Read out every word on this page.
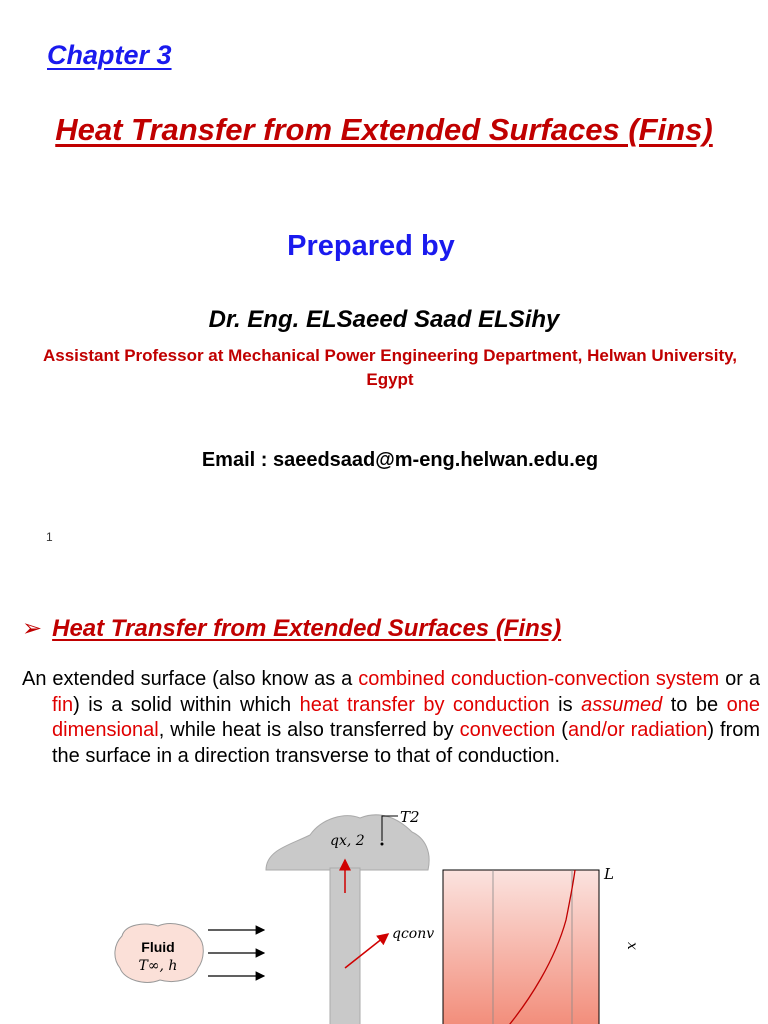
Chapter 3
Heat Transfer from Extended Surfaces (Fins)
Prepared by
Dr. Eng. ELSaeed Saad ELSihy
Assistant Professor at Mechanical Power Engineering Department, Helwan University, Egypt
Email : saeedsaad@m-eng.helwan.edu.eg
1
➢ Heat Transfer from Extended Surfaces (Fins)
An extended surface (also know as a combined conduction-convection system or a fin) is a solid within which heat transfer by conduction is assumed to be one dimensional, while heat is also transferred by convection (and/or radiation) from the surface in a direction transverse to that of conduction.
qx, 2
T2
qconv
Fluid
T∞, h
L
x
